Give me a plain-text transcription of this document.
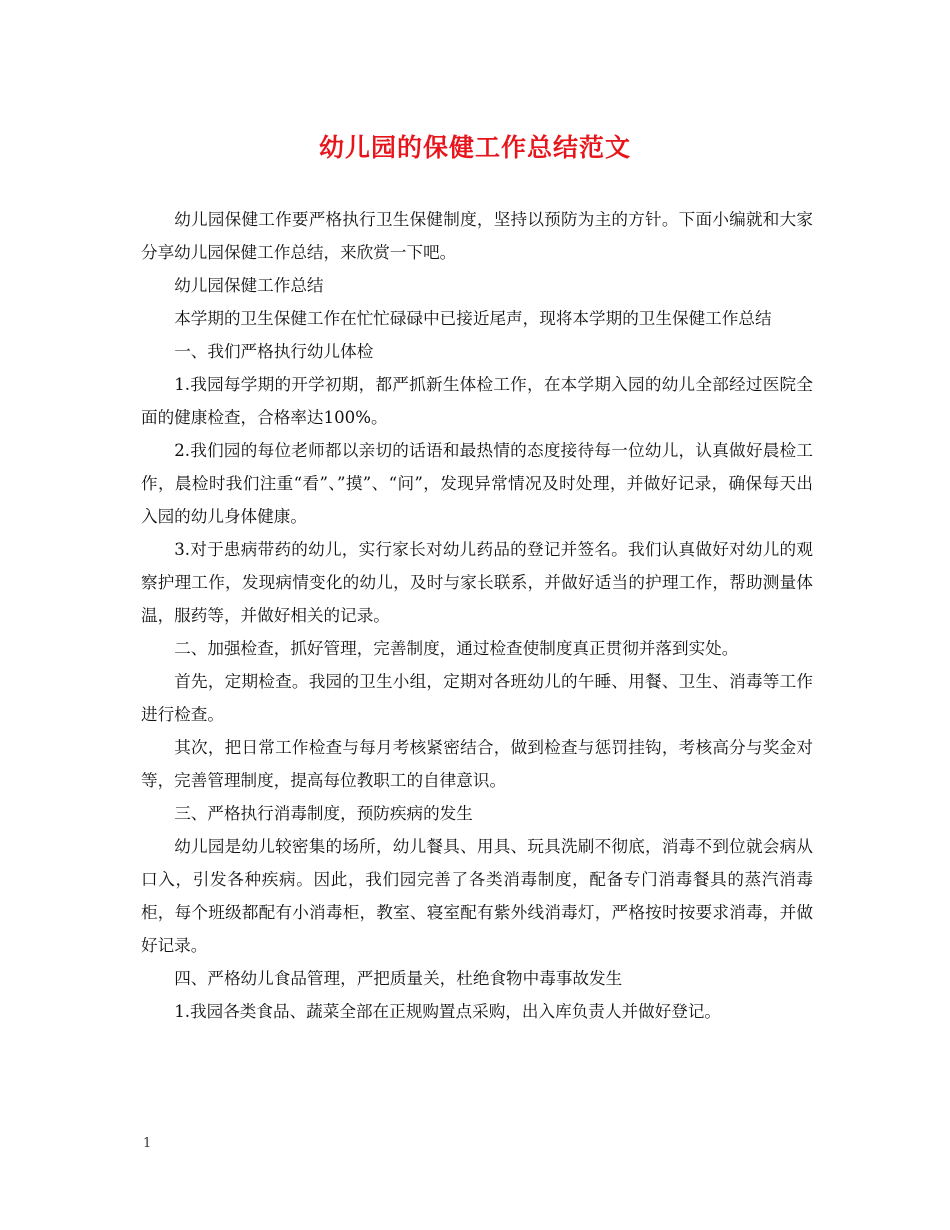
幼儿园的保健工作总结范文

幼儿园保健工作要严格执行卫生保健制度，坚持以预防为主的方针。下面小编就和大家分享幼儿园保健工作总结，来欣赏一下吧。

幼儿园保健工作总结

本学期的卫生保健工作在忙忙碌碌中已接近尾声，现将本学期的卫生保健工作总结

一、我们严格执行幼儿体检

1.我园每学期的开学初期，都严抓新生体检工作，在本学期入园的幼儿全部经过医院全面的健康检查，合格率达100%。

2.我们园的每位老师都以亲切的话语和最热情的态度接待每一位幼儿，认真做好晨检工作，晨检时我们注重“看”、”摸”、“问”，发现异常情况及时处理，并做好记录，确保每天出入园的幼儿身体健康。

3.对于患病带药的幼儿，实行家长对幼儿药品的登记并签名。我们认真做好对幼儿的观察护理工作，发现病情变化的幼儿，及时与家长联系，并做好适当的护理工作，帮助测量体温，服药等，并做好相关的记录。

二、加强检查，抓好管理，完善制度，通过检查使制度真正贯彻并落到实处。

首先，定期检查。我园的卫生小组，定期对各班幼儿的午睡、用餐、卫生、消毒等工作进行检查。

其次，把日常工作检查与每月考核紧密结合，做到检查与惩罚挂钩，考核高分与奖金对等，完善管理制度，提高每位教职工的自律意识。

三、严格执行消毒制度，预防疾病的发生

幼儿园是幼儿较密集的场所，幼儿餐具、用具、玩具洗刷不彻底，消毒不到位就会病从口入，引发各种疾病。因此，我们园完善了各类消毒制度，配备专门消毒餐具的蒸汽消毒柜，每个班级都配有小消毒柜，教室、寝室配有紫外线消毒灯，严格按时按要求消毒，并做好记录。

四、严格幼儿食品管理，严把质量关，杜绝食物中毒事故发生

1.我园各类食品、蔬菜全部在正规购置点采购，出入库负责人并做好登记。

1
